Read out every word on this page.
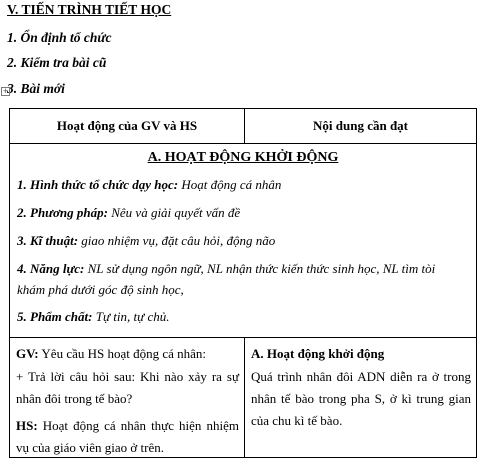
V. TIẾN TRÌNH TIẾT HỌC
1. Ổn định tổ chức
2. Kiểm tra bài cũ
3. Bài mới
+
Hoạt động của GV và HS	Nội dung cần đạt
A. HOẠT ĐỘNG KHỞI ĐỘNG
1. Hình thức tổ chức dạy học: Hoạt động cá nhân
2. Phương pháp: Nêu và giải quyết vấn đề
3. Kĩ thuật: giao nhiệm vụ, đặt câu hỏi, động não
4. Năng lực: NL sử dụng ngôn ngữ, NL nhận thức kiến thức sinh học, NL tìm tòi
khám phá dưới góc độ sinh học,
5. Phẩm chất: Tự tin, tự chủ.
GV: Yêu cầu HS hoạt động cá nhân:
+ Trả lời câu hỏi sau: Khi nào xảy ra sự nhân đôi trong tế bào?
HS: Hoạt động cá nhân thực hiện nhiệm vụ của giáo viên giao ở trên.
A. Hoạt động khởi động
Quá trình nhân đôi ADN diễn ra ở trong nhân tế bào trong pha S, ở kì trung gian của chu kì tế bào.
